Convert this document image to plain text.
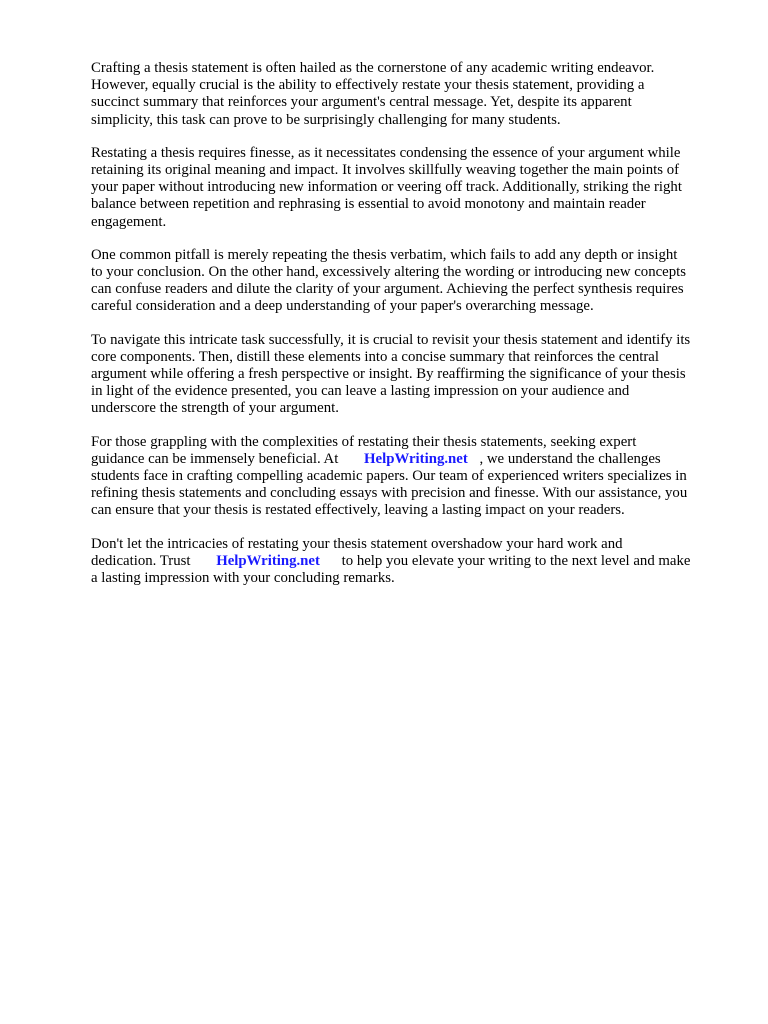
Crafting a thesis statement is often hailed as the cornerstone of any academic writing endeavor.
However, equally crucial is the ability to effectively restate your thesis statement, providing a
succinct summary that reinforces your argument's central message. Yet, despite its apparent
simplicity, this task can prove to be surprisingly challenging for many students.

Restating a thesis requires finesse, as it necessitates condensing the essence of your argument while
retaining its original meaning and impact. It involves skillfully weaving together the main points of
your paper without introducing new information or veering off track. Additionally, striking the right
balance between repetition and rephrasing is essential to avoid monotony and maintain reader
engagement.

One common pitfall is merely repeating the thesis verbatim, which fails to add any depth or insight
to your conclusion. On the other hand, excessively altering the wording or introducing new concepts
can confuse readers and dilute the clarity of your argument. Achieving the perfect synthesis requires
careful consideration and a deep understanding of your paper's overarching message.

To navigate this intricate task successfully, it is crucial to revisit your thesis statement and identify its
core components. Then, distill these elements into a concise summary that reinforces the central
argument while offering a fresh perspective or insight. By reaffirming the significance of your thesis
in light of the evidence presented, you can leave a lasting impression on your audience and
underscore the strength of your argument.

For those grappling with the complexities of restating their thesis statements, seeking expert
guidance can be immensely beneficial. At HelpWriting.net , we understand the challenges
students face in crafting compelling academic papers. Our team of experienced writers specializes in
refining thesis statements and concluding essays with precision and finesse. With our assistance, you
can ensure that your thesis is restated effectively, leaving a lasting impact on your readers.

Don't let the intricacies of restating your thesis statement overshadow your hard work and
dedication. Trust HelpWriting.net to help you elevate your writing to the next level and make
a lasting impression with your concluding remarks.
